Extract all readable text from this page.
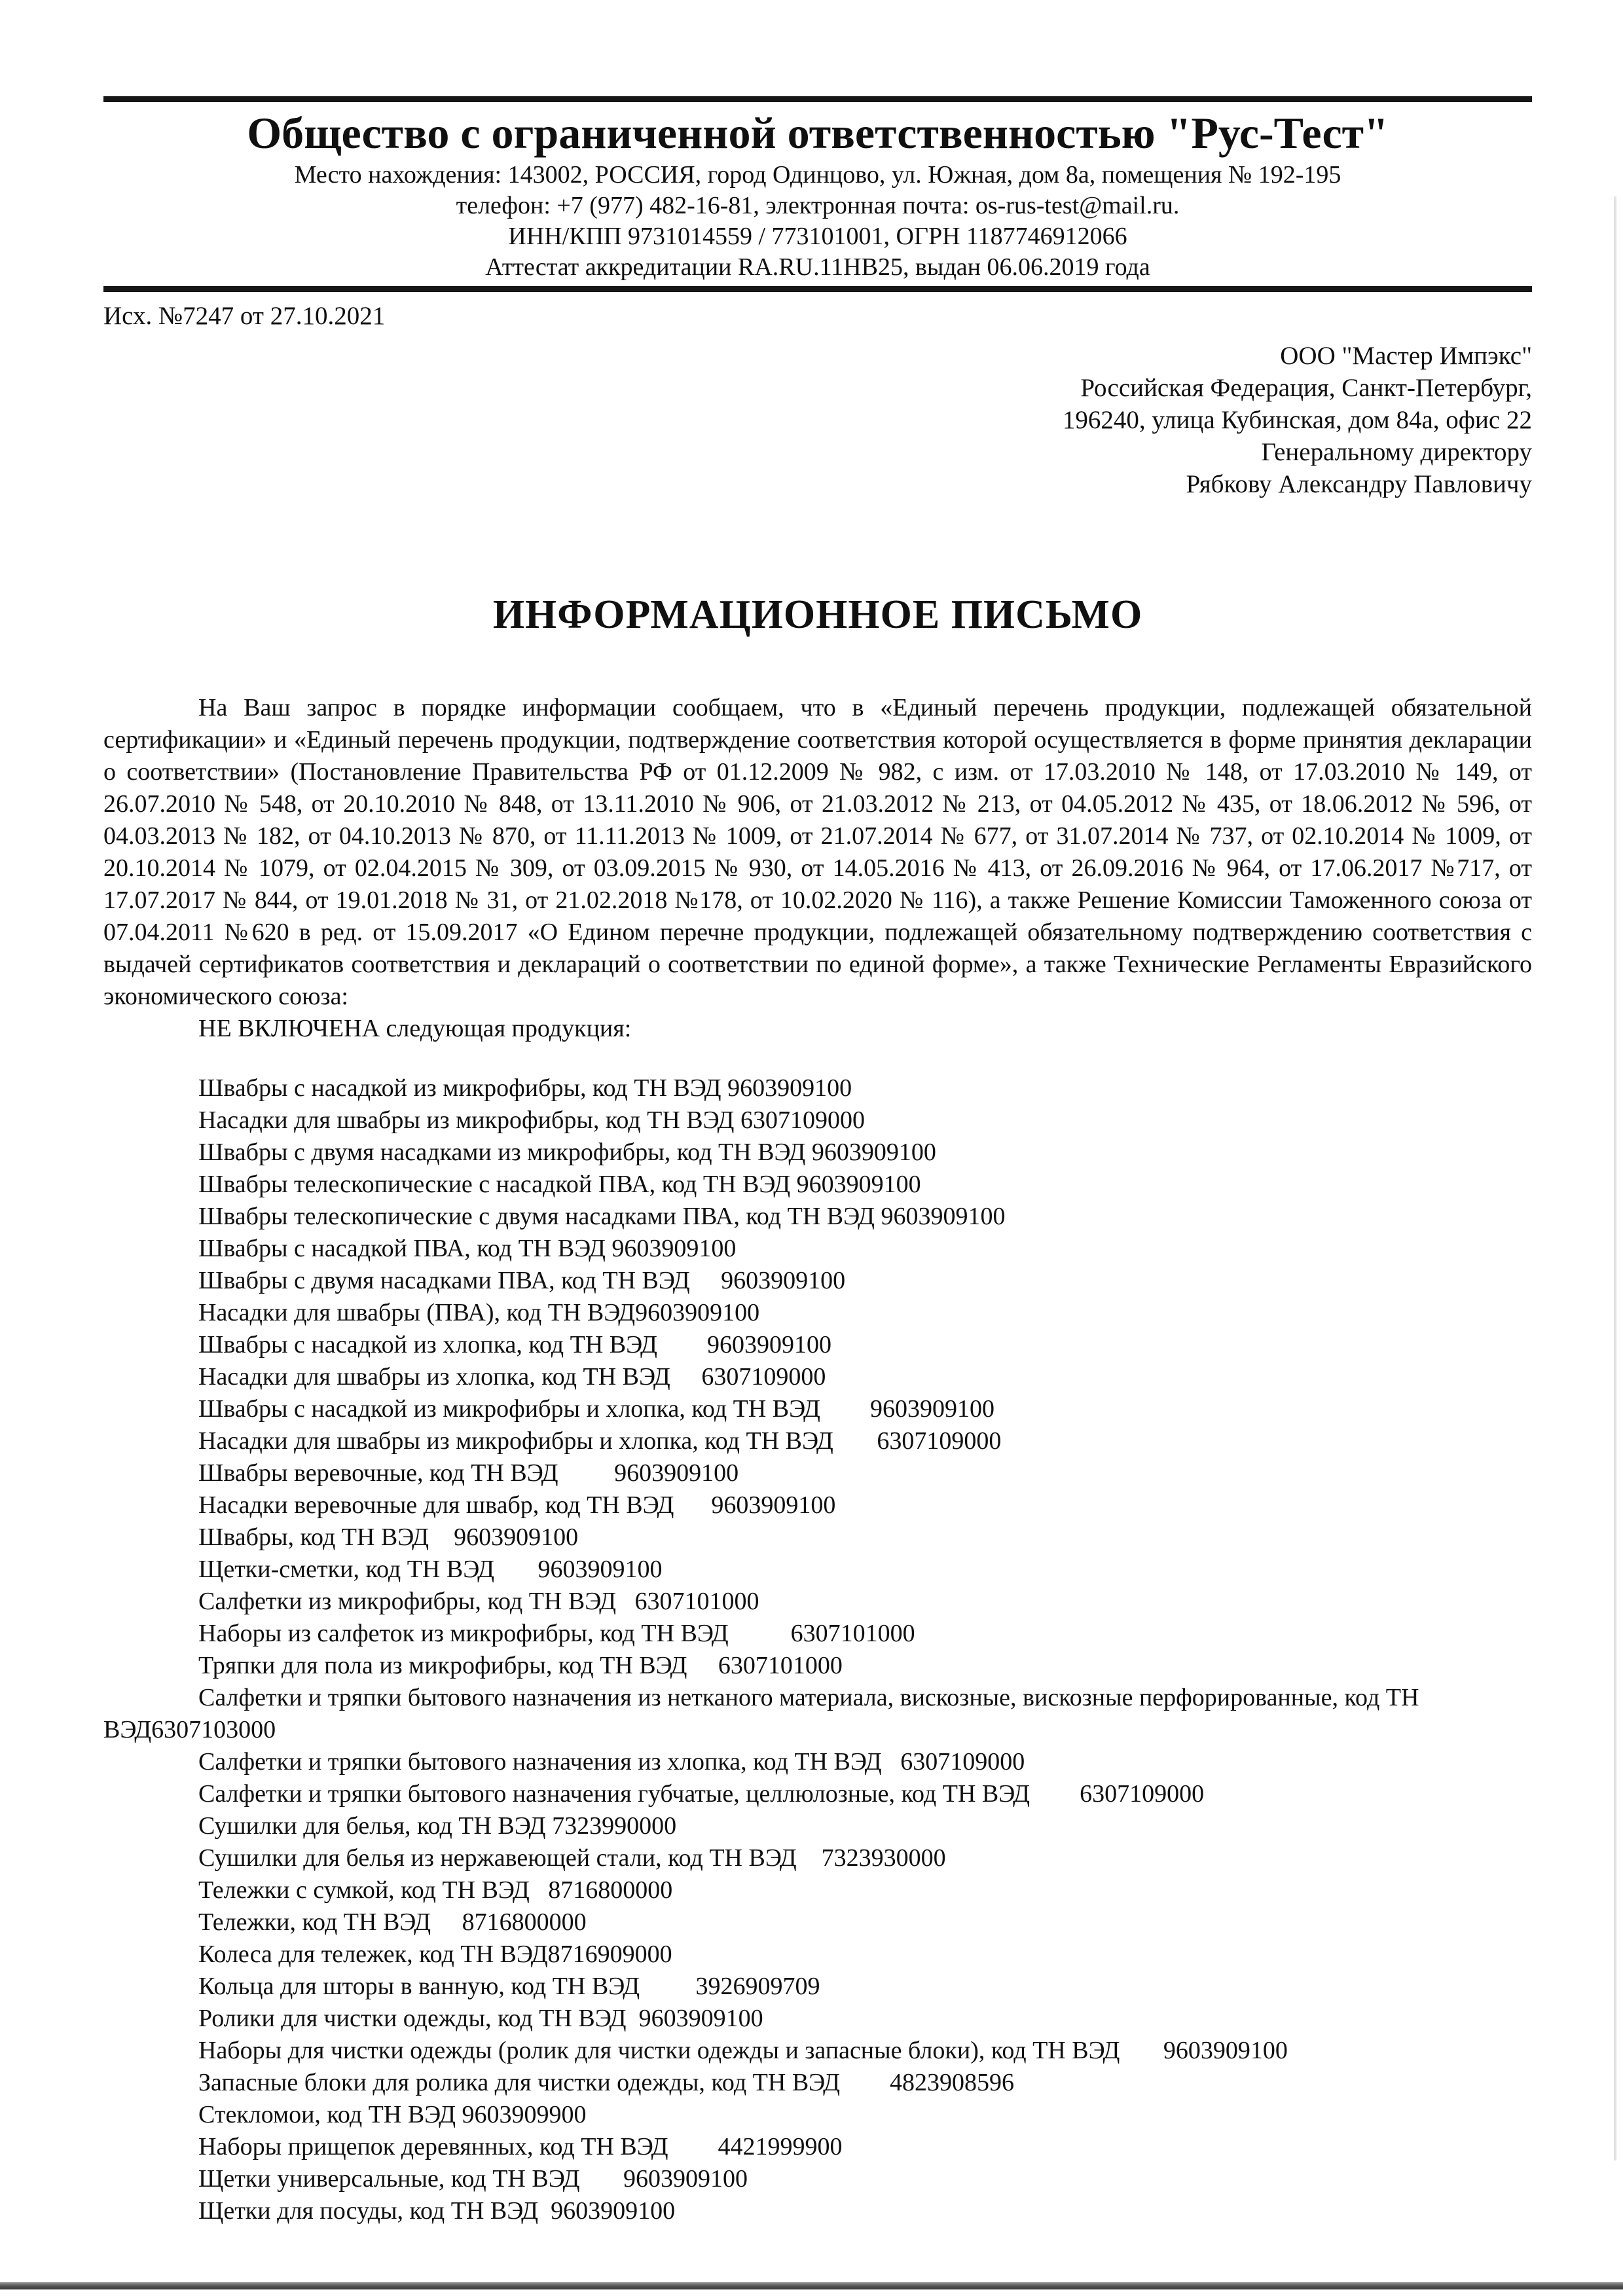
Общество с ограниченной ответственностью "Рус-Тест"
Место нахождения: 143002, РОССИЯ, город Одинцово, ул. Южная, дом 8а, помещения № 192-195
телефон: +7 (977) 482-16-81, электронная почта: os-rus-test@mail.ru.
ИНН/КПП 9731014559 / 773101001, ОГРН 1187746912066
Аттестат аккредитации RA.RU.11НВ25, выдан 06.06.2019 года
Исх. №7247 от 27.10.2021
ООО "Мастер Импэкс"
Российская Федерация, Санкт-Петербург,
196240, улица Кубинская, дом 84а, офис 22
Генеральному директору
Рябкову Александру Павловичу
ИНФОРМАЦИОННОЕ ПИСЬМО
На Ваш запрос в порядке информации сообщаем, что в «Единый перечень продукции, подлежащей обязательной сертификации» и «Единый перечень продукции, подтверждение соответствия которой осуществляется в форме принятия декларации о соответствии» (Постановление Правительства РФ от 01.12.2009 № 982, с изм. от 17.03.2010 № 148, от 17.03.2010 № 149, от 26.07.2010 № 548, от 20.10.2010 № 848, от 13.11.2010 № 906, от 21.03.2012 № 213, от 04.05.2012 № 435, от 18.06.2012 № 596, от 04.03.2013 № 182, от 04.10.2013 № 870, от 11.11.2013 № 1009, от 21.07.2014 № 677, от 31.07.2014 № 737, от 02.10.2014 № 1009, от 20.10.2014 № 1079, от 02.04.2015 № 309, от 03.09.2015 № 930, от 14.05.2016 № 413, от 26.09.2016 № 964, от 17.06.2017 №717, от 17.07.2017 № 844, от 19.01.2018 № 31, от 21.02.2018 №178, от 10.02.2020 № 116), а также Решение Комиссии Таможенного союза от 07.04.2011 №620 в ред. от 15.09.2017 «О Едином перечне продукции, подлежащей обязательному подтверждению соответствия с выдачей сертификатов соответствия и деклараций о соответствии по единой форме», а также Технические Регламенты Евразийского экономического союза:
НЕ ВКЛЮЧЕНА следующая продукция:
Швабры с насадкой из микрофибры, код ТН ВЭД 9603909100
Насадки для швабры из микрофибры, код ТН ВЭД 6307109000
Швабры с двумя насадками из микрофибры, код ТН ВЭД 9603909100
Швабры телескопические с насадкой ПВА, код ТН ВЭД 9603909100
Швабры телескопические с двумя насадками ПВА, код ТН ВЭД 9603909100
Швабры с насадкой ПВА, код ТН ВЭД 9603909100
Швабры с двумя насадками ПВА, код ТН ВЭД     9603909100
Насадки для швабры (ПВА), код ТН ВЭД9603909100
Швабры с насадкой из хлопка, код ТН ВЭД        9603909100
Насадки для швабры из хлопка, код ТН ВЭД     6307109000
Швабры с насадкой из микрофибры и хлопка, код ТН ВЭД        9603909100
Насадки для швабры из микрофибры и хлопка, код ТН ВЭД       6307109000
Швабры веревочные, код ТН ВЭД         9603909100
Насадки веревочные для швабр, код ТН ВЭД      9603909100
Швабры, код ТН ВЭД    9603909100
Щетки-сметки, код ТН ВЭД       9603909100
Салфетки из микрофибры, код ТН ВЭД   6307101000
Наборы из салфеток из микрофибры, код ТН ВЭД          6307101000
Тряпки для пола из микрофибры, код ТН ВЭД     6307101000
Салфетки и тряпки бытового назначения из нетканого материала, вискозные, вискозные перфорированные, код ТН ВЭД6307103000
Салфетки и тряпки бытового назначения из хлопка, код ТН ВЭД   6307109000
Салфетки и тряпки бытового назначения губчатые, целлюлозные, код ТН ВЭД        6307109000
Сушилки для белья, код ТН ВЭД 7323990000
Сушилки для белья из нержавеющей стали, код ТН ВЭД    7323930000
Тележки с сумкой, код ТН ВЭД   8716800000
Тележки, код ТН ВЭД     8716800000
Колеса для тележек, код ТН ВЭД8716909000
Кольца для шторы в ванную, код ТН ВЭД         3926909709
Ролики для чистки одежды, код ТН ВЭД  9603909100
Наборы для чистки одежды (ролик для чистки одежды и запасные блоки), код ТН ВЭД       9603909100
Запасные блоки для ролика для чистки одежды, код ТН ВЭД        4823908596
Стекломои, код ТН ВЭД 9603909900
Наборы прищепок деревянных, код ТН ВЭД        4421999900
Щетки универсальные, код ТН ВЭД       9603909100
Щетки для посуды, код ТН ВЭД  9603909100
